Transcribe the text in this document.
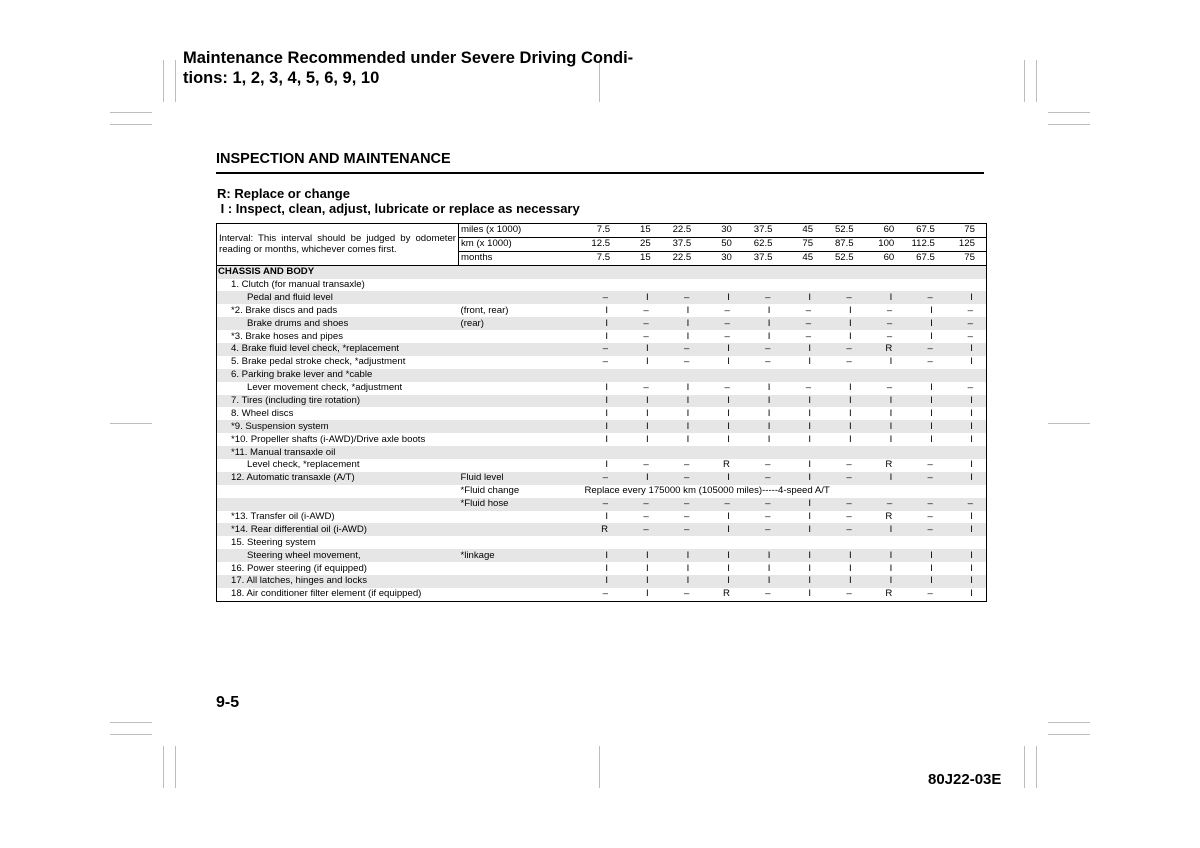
Maintenance Recommended under Severe Driving Condi-
tions: 1, 2, 3, 4, 5, 6, 9, 10
INSPECTION AND MAINTENANCE
R: Replace or change
I : Inspect, clean, adjust, lubricate or replace as necessary
Interval: This interval should be judged by odometer reading or months, whichever comes first.	miles (x 1000)	7.5	15	22.5	30	37.5	45	52.5	60	67.5	75
	km (x 1000)	12.5	25	37.5	50	62.5	75	87.5	100	112.5	125
	months	7.5	15	22.5	30	37.5	45	52.5	60	67.5	75
CHASSIS AND BODY											
1. Clutch (for manual transaxle)											
Pedal and fluid level		–	I	–	I	–	I	–	I	–	I
*2. Brake discs and pads	(front, rear)	I	–	I	–	I	–	I	–	I	–
Brake drums and shoes	(rear)	I	–	I	–	I	–	I	–	I	–
*3. Brake hoses and pipes		I	–	I	–	I	–	I	–	I	–
4. Brake fluid level check, *replacement		–	I	–	I	–	I	–	R	–	I
5. Brake pedal stroke check, *adjustment		–	I	–	I	–	I	–	I	–	I
6. Parking brake lever and *cable											
Lever movement check, *adjustment		I	–	I	–	I	–	I	–	I	–
7. Tires (including tire rotation)		I	I	I	I	I	I	I	I	I	I
8. Wheel discs		I	I	I	I	I	I	I	I	I	I
*9. Suspension system		I	I	I	I	I	I	I	I	I	I
*10. Propeller shafts (i-AWD)/Drive axle boots		I	I	I	I	I	I	I	I	I	I
*11. Manual transaxle oil											
Level check, *replacement		I	–	–	R	–	I	–	R	–	I
12. Automatic transaxle (A/T)	Fluid level	–	I	–	I	–	I	–	I	–	I
	*Fluid change	Replace every 175000 km (105000 miles)-----4-speed A/T									
	*Fluid hose	–	–	–	–	–	I	–	–	–	–
*13. Transfer oil (i-AWD)		I	–	–	I	–	I	–	R	–	I
*14. Rear differential oil (i-AWD)		R	–	–	I	–	I	–	I	–	I
15. Steering system											
Steering wheel movement,	*linkage	I	I	I	I	I	I	I	I	I	I
16. Power steering (if equipped)		I	I	I	I	I	I	I	I	I	I
17. All latches, hinges and locks		I	I	I	I	I	I	I	I	I	I
18. Air conditioner filter element (if equipped)		–	I	–	R	–	I	–	R	–	I
9-5
80J22-03E
